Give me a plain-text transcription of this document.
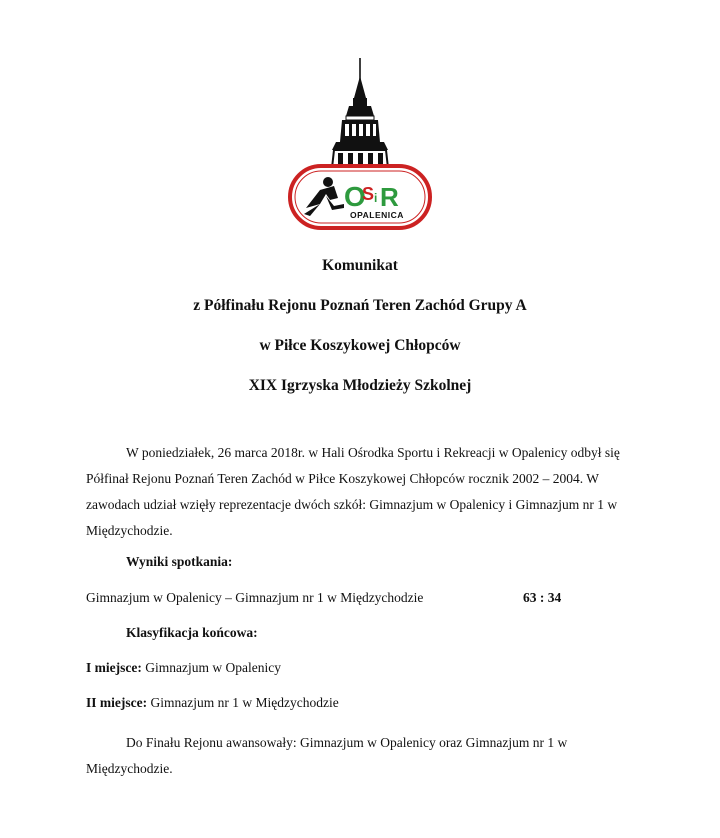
O
S i R
OPALENICA

Komunikat

z Półfinału Rejonu Poznań Teren Zachód Grupy A

w Piłce Koszykowej Chłopców

XIX Igrzyska Młodzieży Szkolnej

W poniedziałek, 26 marca 2018r. w Hali Ośrodka Sportu i Rekreacji w Opalenicy odbył się Półfinał Rejonu Poznań Teren Zachód w Piłce Koszykowej Chłopców rocznik 2002 – 2004. W zawodach udział wzięły reprezentacje dwóch szkół: Gimnazjum w Opalenicy i Gimnazjum nr 1 w Międzychodzie.

Wyniki spotkania:
Gimnazjum w Opalenicy – Gimnazjum nr 1 w Międzychodzie	63 : 34
Klasyfikacja końcowa:
I miejsce: Gimnazjum w Opalenicy
II miejsce: Gimnazjum nr 1 w Międzychodzie

Do Finału Rejonu awansowały: Gimnazjum w Opalenicy oraz Gimnazjum nr 1 w Międzychodzie.
